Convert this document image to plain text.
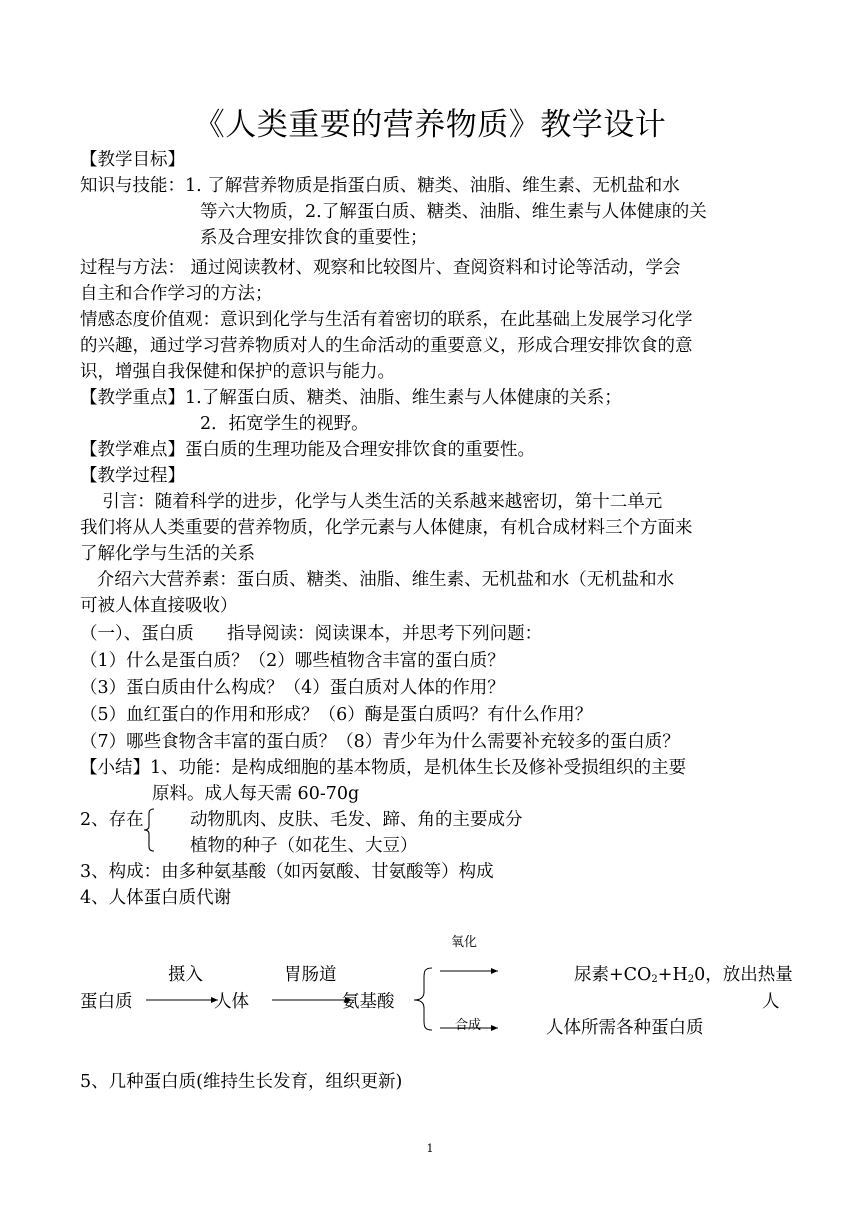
《人类重要的营养物质》教学设计
【教学目标】
知识与技能：1. 了解营养物质是指蛋白质、糖类、油脂、维生素、无机盐和水
等六大物质，2.了解蛋白质、糖类、油脂、维生素与人体健康的关
系及合理安排饮食的重要性；
过程与方法： 通过阅读教材、观察和比较图片、查阅资料和讨论等活动，学会
自主和合作学习的方法；
情感态度价值观：意识到化学与生活有着密切的联系，在此基础上发展学习化学
的兴趣，通过学习营养物质对人的生命活动的重要意义，形成合理安排饮食的意
识，增强自我保健和保护的意识与能力。
【教学重点】1.了解蛋白质、糖类、油脂、维生素与人体健康的关系；
2．拓宽学生的视野。
【教学难点】蛋白质的生理功能及合理安排饮食的重要性。
【教学过程】
引言：随着科学的进步，化学与人类生活的关系越来越密切，第十二单元
我们将从人类重要的营养物质，化学元素与人体健康，有机合成材料三个方面来
了解化学与生活的关系
介绍六大营养素：蛋白质、糖类、油脂、维生素、无机盐和水（无机盐和水
可被人体直接吸收）
（一）、蛋白质      指导阅读：阅读课本，并思考下列问题：
（1）什么是蛋白质？（2）哪些植物含丰富的蛋白质？
（3）蛋白质由什么构成？（4）蛋白质对人体的作用？
（5）血红蛋白的作用和形成？（6）酶是蛋白质吗？有什么作用？
（7）哪些食物含丰富的蛋白质？（8）青少年为什么需要补充较多的蛋白质？
【小结】1、功能：是构成细胞的基本物质，是机体生长及修补受损组织的主要
原料。成人每天需 60-70g
2、存在	动物肌肉、皮肤、毛发、蹄、角的主要成分
植物的种子（如花生、大豆）
3、构成：由多种氨基酸（如丙氨酸、甘氨酸等）构成
4、人体蛋白质代谢
氧化
摄入	胃肠道
蛋白质	人体	氨基酸
尿素$+CO_2+H_20$，放出热量
人
合成	人体所需各种蛋白质
5、几种蛋白质(维持生长发育，组织更新)
1
